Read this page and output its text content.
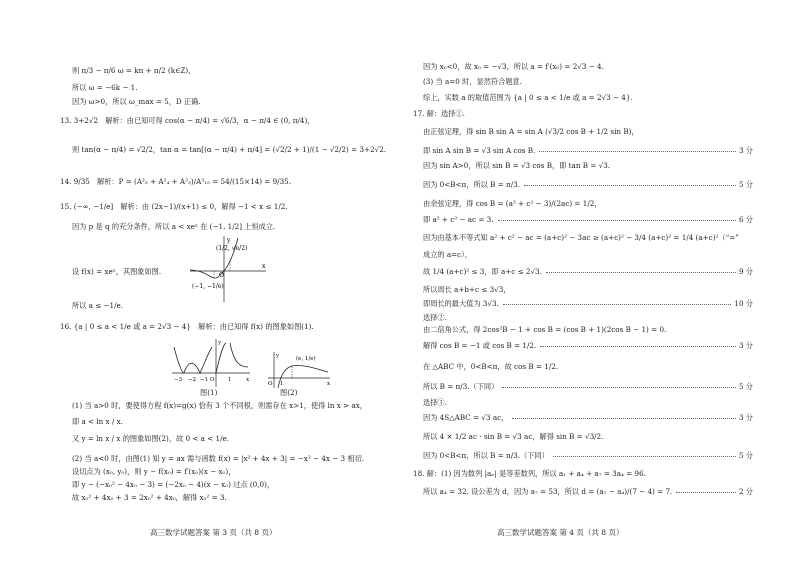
则 π/3 − π/6 ω = kπ + π/2 (k∈Z)，
所以 ω = −6k − 1.
因为 ω>0，所以 ω_max = 5，D 正确.
13. 3+2√2　解析：由已知可得 cos(α − π/4) = √6/3，α − π/4 ∈ (0, π/4)，
则 tan(α − π/4) = √2/2，tan α = tan[(α − π/4) + π/4] = (√2/2 + 1)/(1 − √2/2) = 3+2√2.
14. 9/35　解析：P = (A²₅ + A²₄ + A²₃)/A³₁₅ = 54/(15×14) = 9/35.
15. (−∞, −1/e]　解析：由 (2x−1)/(x+1) ≤ 0，解得 −1 < x ≤ 1/2.
因为 p 是 q 的充分条件，所以 a < xeˣ 在 (−1, 1/2] 上恒成立.
设 f(x) = xeˣ，其图象如图.
(1/2, √e/2)
(−1, −1/e)
O
x
y
所以 a ≤ −1/e.
16. {a | 0 ≤ a < 1/e 或 a = 2√3 − 4}　解析：由已知得 f(x) 的图象如图(1).
−3 −2 −1 O 1	x
y
图(1)
(e, 1/e)
O 1	x
y
图(2)
(1) 当 a>0 时，要使得方程 f(x)=g(x) 恰有 3 个不同根，则需存在 x>1，使得 ln x > ax，
即 a < ln x / x.
又 y = ln x / x 的图象如图(2)，故 0 < a < 1/e.
(2) 当 a<0 时，由图(1) 知 y = ax 需与函数 f(x) = |x² + 4x + 3| = −x² − 4x − 3 相切.
设切点为 (x₀, y₀)，则 y − f(x₀) = f′(x₀)(x − x₀)，
即 y − (−x₀² − 4x₀ − 3) = (−2x₀ − 4)(x − x₀) 过点 (0,0)，
故 x₀² + 4x₀ + 3 = 2x₀² + 4x₀，解得 x₀² = 3.
高三数学试题答案 第 3 页（共 8 页）
因为 x₀<0，故 x₀ = −√3，所以 a = f′(x₀) = 2√3 − 4.
(3) 当 a=0 时，显然符合题意.
综上，实数 a 的取值范围为 {a | 0 ≤ a < 1/e 或 a = 2√3 − 4}.
17. 解：选择①.
由正弦定理，得 sin B sin A = sin A (√3/2 cos B + 1/2 sin B)，
即 sin A sin B = √3 sin A cos B.	3 分
因为 sin A>0，所以 sin B = √3 cos B，即 tan B = √3.
因为 0<B<π，所以 B = π/3.	5 分
由余弦定理，得 cos B = (a² + c² − 3)/(2ac) = 1/2，
即 a² + c² − ac = 3.	6 分
因为由基本不等式知 a² + c² − ac = (a+c)² − 3ac ≥ (a+c)² − 3/4 (a+c)² = 1/4 (a+c)²（“=”
成立的 a=c），
故 1/4 (a+c)² ≤ 3，即 a+c ≤ 2√3.	9 分
所以周长 a+b+c ≤ 3√3，
即周长的最大值为 3√3.	10 分
选择②.
由二倍角公式，得 2cos²B − 1 + cos B = (cos B + 1)(2cos B − 1) = 0.
解得 cos B = −1 或 cos B = 1/2.	3 分
在 △ABC 中，0<B<π，故 cos B = 1/2.
所以 B = π/3.（下同）	5 分
选择③.
因为 4S△ABC = √3 ac，	3 分
所以 4 × 1/2 ac · sin B = √3 ac，解得 sin B = √3/2.
因为 0<B<π，所以 B = π/3.（下同）	5 分
18. 解：(1) 因为数列 |aₙ| 是等差数列，所以 a₁ + a₄ + a₇ = 3a₄ = 96.
所以 a₄ = 32. 设公差为 d，因为 a₇ = 53，所以 d = (a₇ − a₄)/(7 − 4) = 7.	2 分
高三数学试题答案 第 4 页（共 8 页）
